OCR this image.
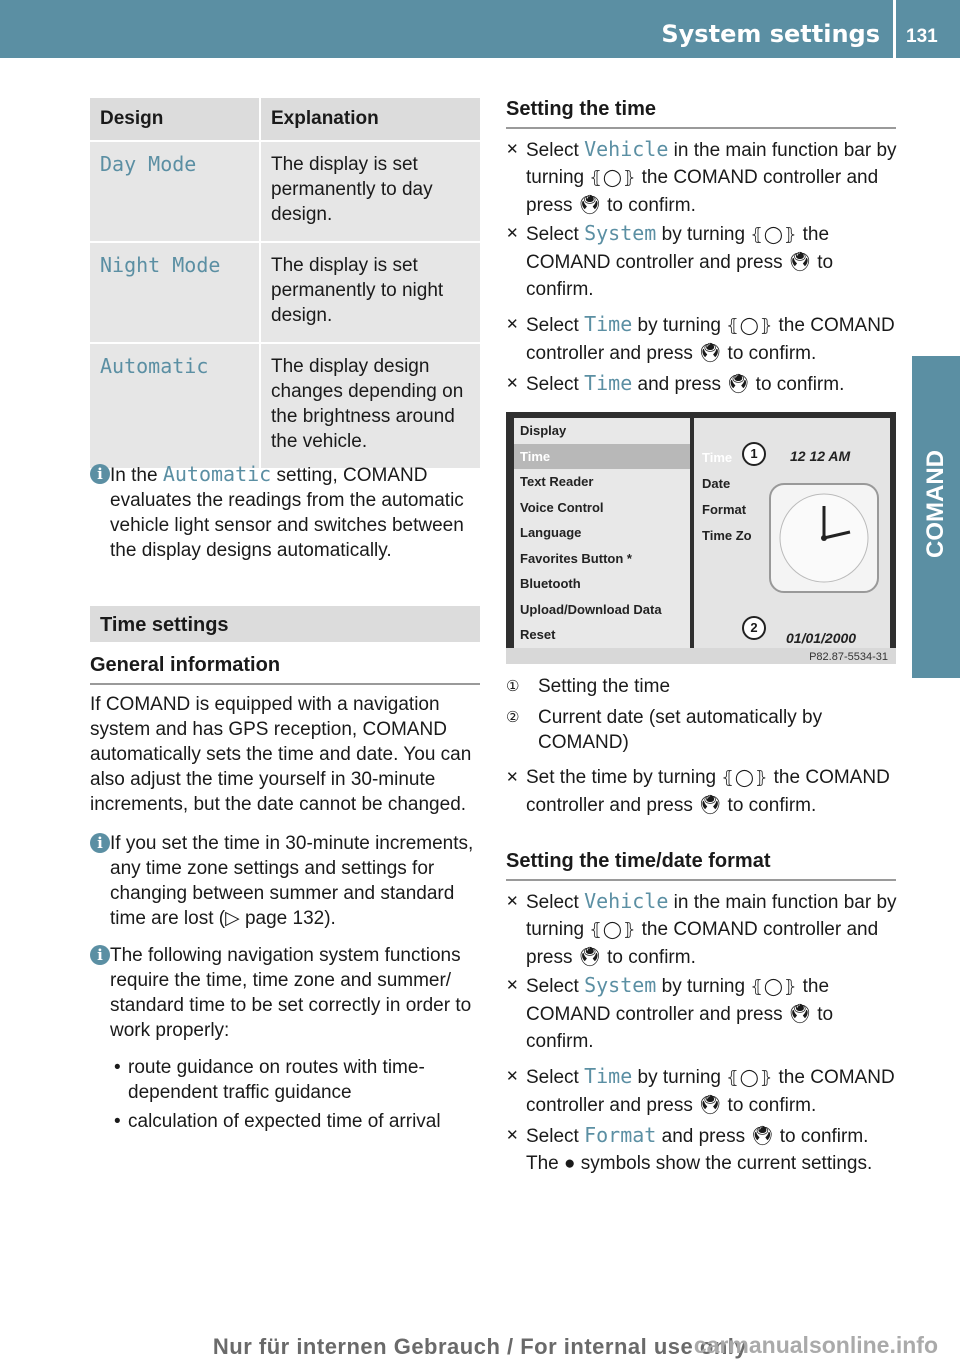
System settings 131
Design	Explanation
Day Mode	The display is set permanently to day design.
Night Mode	The display is set permanently to night design.
Automatic	The display design changes depending on the brightness around the vehicle.
i In the Automatic setting, COMAND evaluates the readings from the automatic vehicle light sensor and switches between the display designs automatically.
Time settings
General information
If COMAND is equipped with a navigation system and has GPS reception, COMAND automatically sets the time and date. You can also adjust the time yourself in 30-minute increments, but the date cannot be changed.
i If you set the time in 30-minute increments, any time zone settings and settings for changing between summer and standard time are lost (▷ page 132).
i The following navigation system functions require the time, time zone and summer/ standard time to be set correctly in order to work properly:
• route guidance on routes with time-dependent traffic guidance
• calculation of expected time of arrival
Setting the time
✕ Select Vehicle in the main function bar by turning ⦃◯⦄ the COMAND controller and press 🖲 to confirm.
✕ Select System by turning ⦃◯⦄ the COMAND controller and press 🖲 to confirm.
✕ Select Time by turning ⦃◯⦄ the COMAND controller and press 🖲 to confirm.
✕ Select Time and press 🖲 to confirm.
Display
Time
Text Reader
Voice Control
Language
Favorites Button *
Bluetooth
Upload/Download Data
Reset
Time
Date
Format
Time Zo
12 12 AM
01/01/2000
1
2
P82.87-5534-31
① Setting the time
② Current date (set automatically by COMAND)
✕ Set the time by turning ⦃◯⦄ the COMAND controller and press 🖲 to confirm.
Setting the time/date format
✕ Select Vehicle in the main function bar by turning ⦃◯⦄ the COMAND controller and press 🖲 to confirm.
✕ Select System by turning ⦃◯⦄ the COMAND controller and press 🖲 to confirm.
✕ Select Time by turning ⦃◯⦄ the COMAND controller and press 🖲 to confirm.
✕ Select Format and press 🖲 to confirm.
The ● symbols show the current settings.
Nur für internen Gebrauch / For internal use only
carmanualsonline.info
